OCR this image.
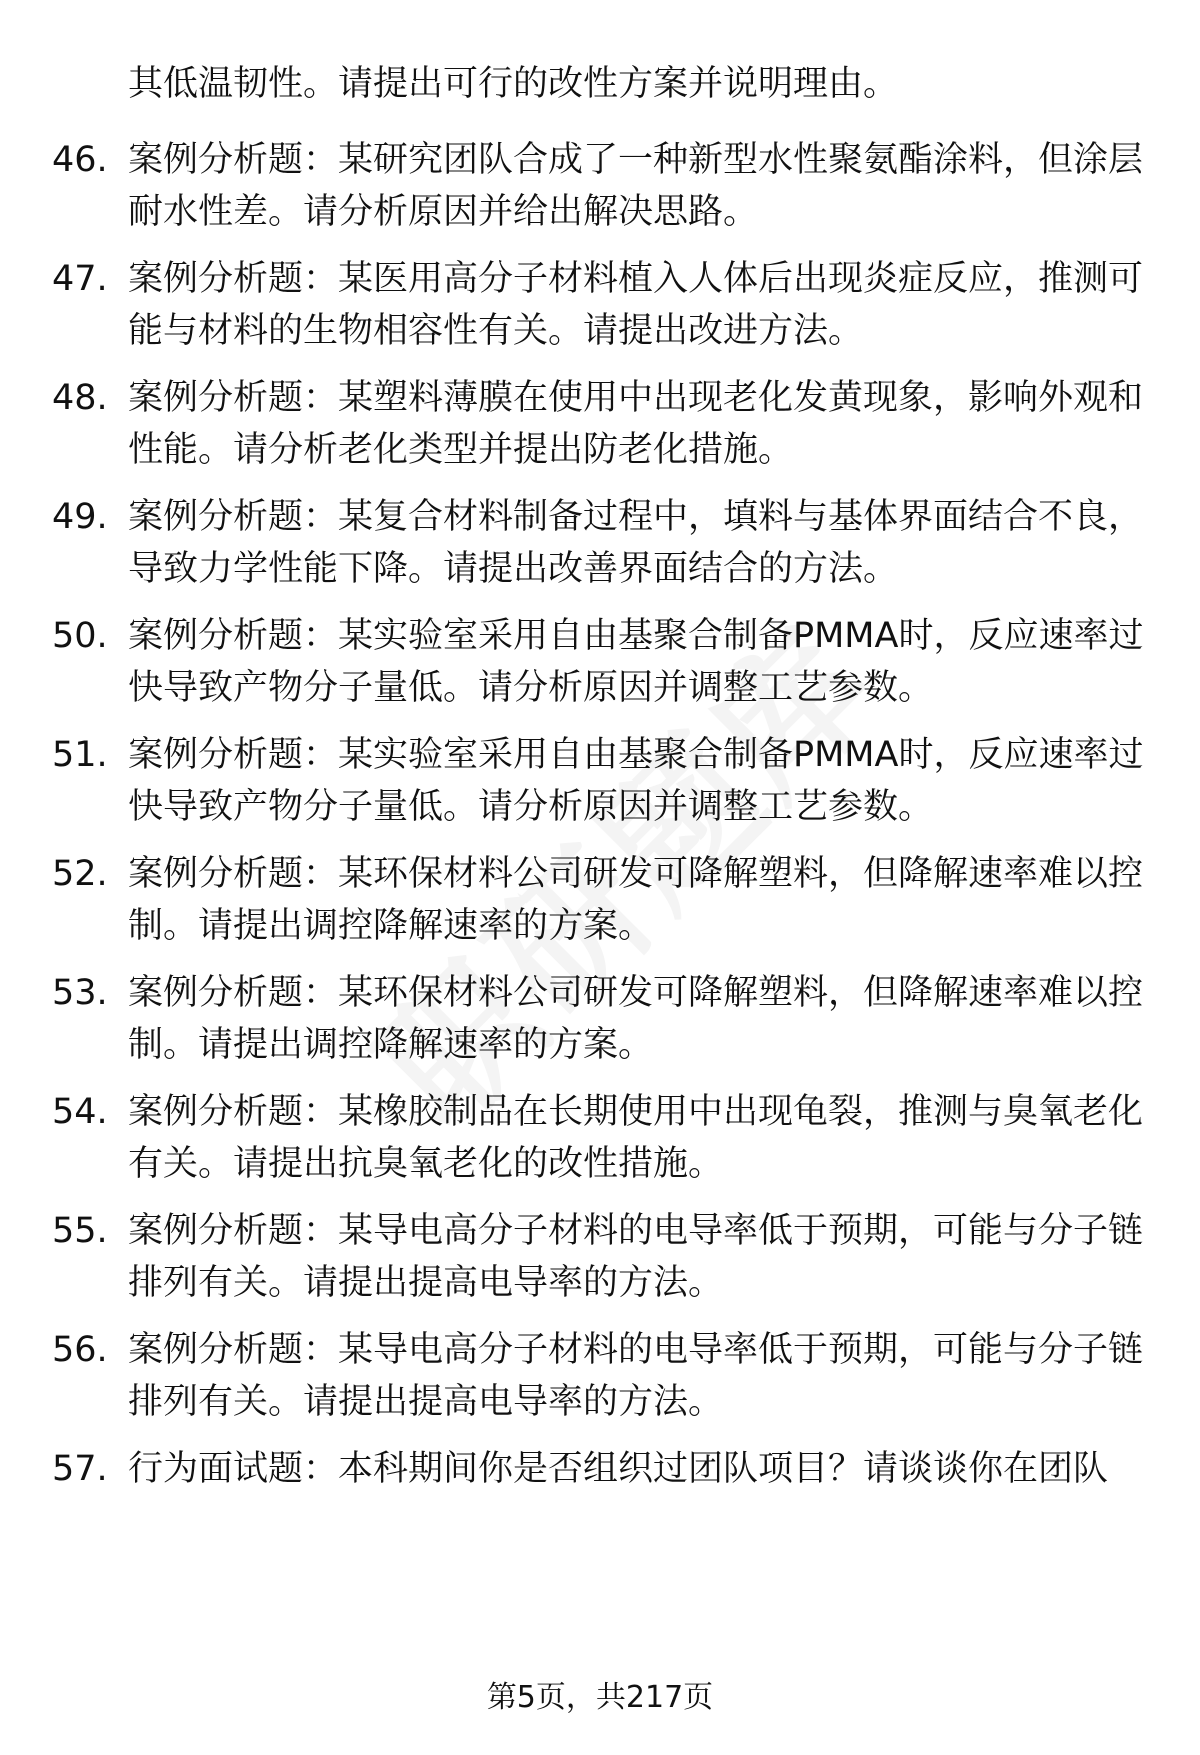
其低温韧性。请提出可行的改性方案并说明理由。

46. 案例分析题：某研究团队合成了一种新型水性聚氨酯涂料，但涂层耐水性差。请分析原因并给出解决思路。

47. 案例分析题：某医用高分子材料植入人体后出现炎症反应，推测可能与材料的生物相容性有关。请提出改进方法。

48. 案例分析题：某塑料薄膜在使用中出现老化发黄现象，影响外观和性能。请分析老化类型并提出防老化措施。

49. 案例分析题：某复合材料制备过程中，填料与基体界面结合不良，导致力学性能下降。请提出改善界面结合的方法。

50. 案例分析题：某实验室采用自由基聚合制备PMMA时，反应速率过快导致产物分子量低。请分析原因并调整工艺参数。

51. 案例分析题：某实验室采用自由基聚合制备PMMA时，反应速率过快导致产物分子量低。请分析原因并调整工艺参数。

52. 案例分析题：某环保材料公司研发可降解塑料，但降解速率难以控制。请提出调控降解速率的方案。

53. 案例分析题：某环保材料公司研发可降解塑料，但降解速率难以控制。请提出调控降解速率的方案。

54. 案例分析题：某橡胶制品在长期使用中出现龟裂，推测与臭氧老化有关。请提出抗臭氧老化的改性措施。

55. 案例分析题：某导电高分子材料的电导率低于预期，可能与分子链排列有关。请提出提高电导率的方法。

56. 案例分析题：某导电高分子材料的电导率低于预期，可能与分子链排列有关。请提出提高电导率的方法。

57. 行为面试题：本科期间你是否组织过团队项目？请谈谈你在团队

第5页，共217页
